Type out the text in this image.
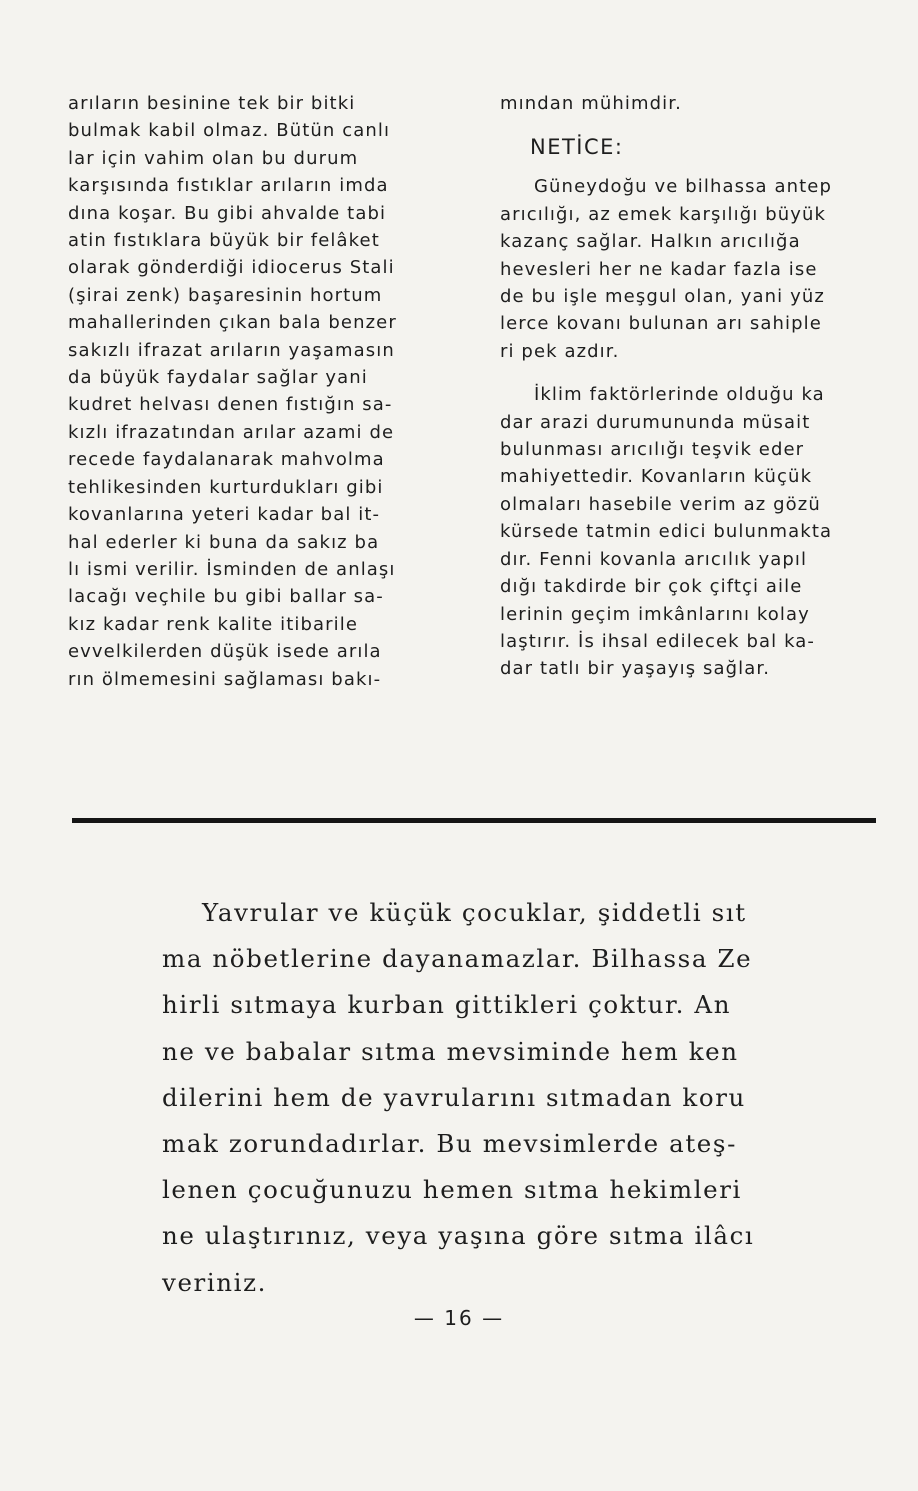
arıların besinine tek bir bitki

bulmak kabil olmaz. Bütün canlı

lar için vahim olan bu durum

karşısında fıstıklar arıların imda

dına koşar. Bu gibi ahvalde tabi

atin fıstıklara büyük bir felâket

olarak gönderdiği idiocerus Stali

(şirai zenk) başaresinin hortum

mahallerinden çıkan bala benzer

sakızlı ifrazat arıların yaşamasın

da büyük faydalar sağlar yani

kudret helvası denen fıstığın sa-

kızlı ifrazatından arılar azami de

recede faydalanarak mahvolma

tehlikesinden kurturdukları gibi

kovanlarına yeteri kadar bal it-

hal ederler ki buna da sakız ba

lı ismi verilir. İsminden de anlaşı

lacağı veçhile bu gibi ballar sa-

kız kadar renk kalite itibarile

evvelkilerden düşük isede arıla

rın ölmemesini sağlaması bakı-

mından mühimdir.

NETİCE:

Güneydoğu ve bilhassa antep

arıcılığı, az emek karşılığı büyük

kazanç sağlar. Halkın arıcılığa

hevesleri her ne kadar fazla ise

de bu işle meşgul olan, yani yüz

lerce kovanı bulunan arı sahiple

ri pek azdır.

İklim faktörlerinde olduğu ka

dar arazi durumununda müsait

bulunması arıcılığı teşvik eder

mahiyettedir. Kovanların küçük

olmaları hasebile verim az gözü

kürsede tatmin edici bulunmakta

dır. Fenni kovanla arıcılık yapıl

dığı takdirde bir çok çiftçi aile

lerinin geçim imkânlarını kolay

laştırır. İs ihsal edilecek bal ka-

dar tatlı bir yaşayış sağlar.

Yavrular ve küçük çocuklar, şiddetli sıt

ma nöbetlerine dayanamazlar. Bilhassa Ze

hirli sıtmaya kurban gittikleri çoktur. An

ne ve babalar sıtma mevsiminde hem ken

dilerini hem de yavrularını sıtmadan koru

mak zorundadırlar. Bu mevsimlerde ateş-

lenen çocuğunuzu hemen sıtma hekimleri

ne ulaştırınız, veya yaşına göre sıtma ilâcı

veriniz.

— 16 —
